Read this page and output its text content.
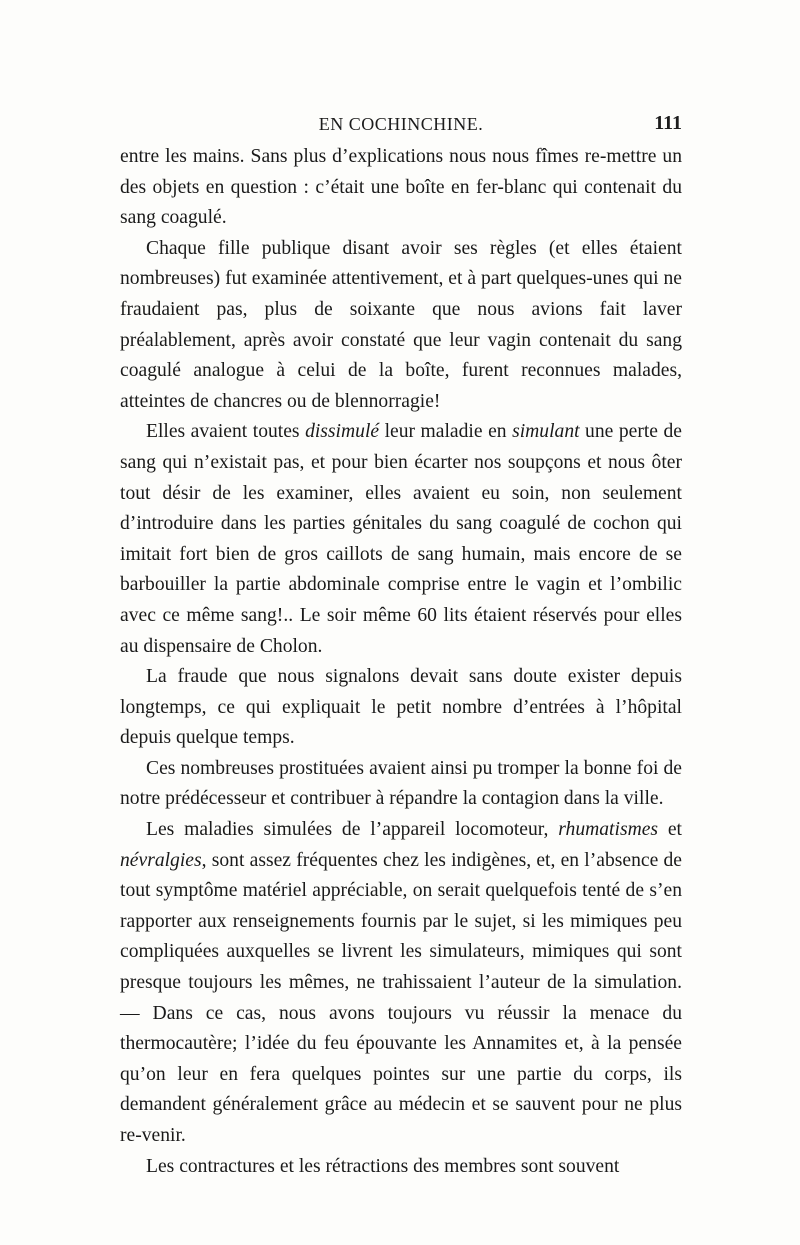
EN COCHINCHINE.	111

entre les mains. Sans plus d’explications nous nous fîmes re-mettre un des objets en question : c’était une boîte en fer-blanc qui contenait du sang coagulé.

Chaque fille publique disant avoir ses règles (et elles étaient nombreuses) fut examinée attentivement, et à part quelques-unes qui ne fraudaient pas, plus de soixante que nous avions fait laver préalablement, après avoir constaté que leur vagin contenait du sang coagulé analogue à celui de la boîte, furent reconnues malades, atteintes de chancres ou de blennorragie!

Elles avaient toutes dissimulé leur maladie en simulant une perte de sang qui n’existait pas, et pour bien écarter nos soupçons et nous ôter tout désir de les examiner, elles avaient eu soin, non seulement d’introduire dans les parties génitales du sang coagulé de cochon qui imitait fort bien de gros caillots de sang humain, mais encore de se barbouiller la partie abdominale comprise entre le vagin et l’ombilic avec ce même sang!.. Le soir même 60 lits étaient réservés pour elles au dispensaire de Cholon.

La fraude que nous signalons devait sans doute exister depuis longtemps, ce qui expliquait le petit nombre d’entrées à l’hôpital depuis quelque temps.

Ces nombreuses prostituées avaient ainsi pu tromper la bonne foi de notre prédécesseur et contribuer à répandre la contagion dans la ville.

Les maladies simulées de l’appareil locomoteur, rhumatismes et névralgies, sont assez fréquentes chez les indigènes, et, en l’absence de tout symptôme matériel appréciable, on serait quelquefois tenté de s’en rapporter aux renseignements fournis par le sujet, si les mimiques peu compliquées auxquelles se livrent les simulateurs, mimiques qui sont presque toujours les mêmes, ne trahissaient l’auteur de la simulation. — Dans ce cas, nous avons toujours vu réussir la menace du thermocautère; l’idée du feu épouvante les Annamites et, à la pensée qu’on leur en fera quelques pointes sur une partie du corps, ils demandent généralement grâce au médecin et se sauvent pour ne plus re-venir.

Les contractures et les rétractions des membres sont souvent
